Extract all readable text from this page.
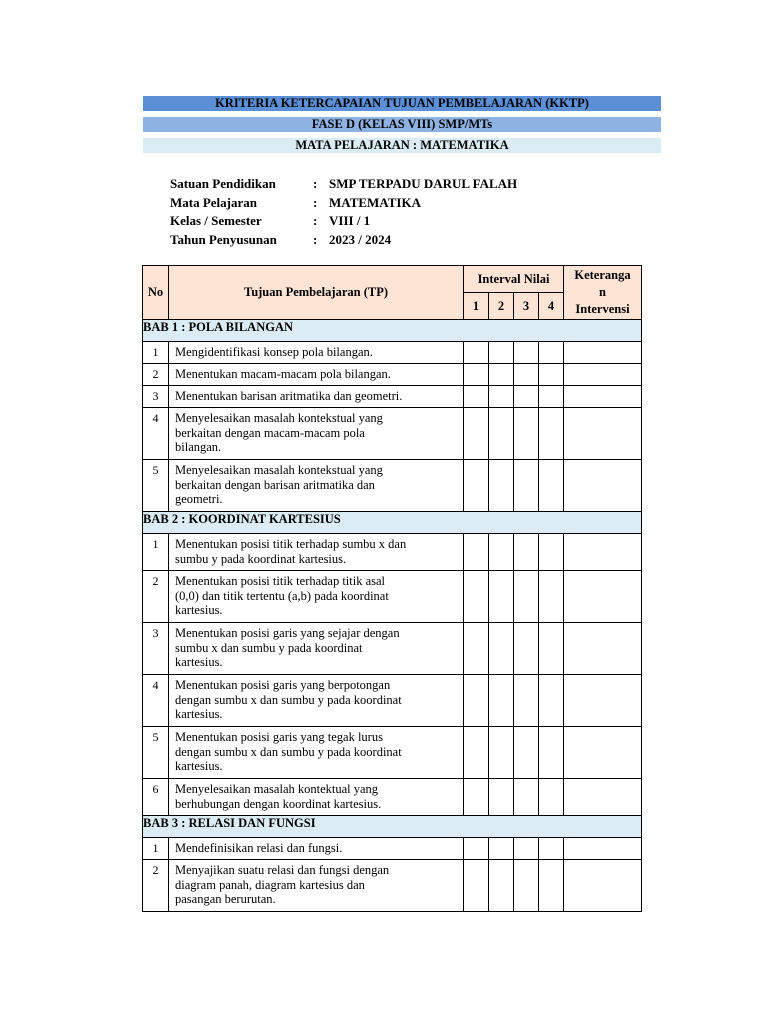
KRITERIA KETERCAPAIAN TUJUAN PEMBELAJARAN (KKTP)
FASE D (KELAS VIII) SMP/MTs
MATA PELAJARAN : MATEMATIKA
Satuan Pendidikan	: SMP TERPADU DARUL FALAH
Mata Pelajaran	: MATEMATIKA
Kelas / Semester	: VIII / 1
Tahun Penyusunan	: 2023 / 2024
No	Tujuan Pembelajaran (TP)	Interval Nilai				Keteranga
n
Intervensi
		1	2	3	4	
BAB 1 : POLA BILANGAN						
1	Mengidentifikasi konsep pola bilangan.					

2	Menentukan macam-macam pola bilangan.					

3	Menentukan barisan aritmatika dan geometri.					

4	Menyelesaikan masalah kontekstual yang
berkaitan dengan macam-macam pola
bilangan.					

5	Menyelesaikan masalah kontekstual yang
berkaitan dengan barisan aritmatika dan
geometri.					

BAB 2 : KOORDINAT KARTESIUS						
1	Menentukan posisi titik terhadap sumbu x dan
sumbu y pada koordinat kartesius.					

2	Menentukan posisi titik terhadap titik asal
(0,0) dan titik tertentu (a,b) pada koordinat
kartesius.					

3	Menentukan posisi garis yang sejajar dengan
sumbu x dan sumbu y pada koordinat
kartesius.					

4	Menentukan posisi garis yang berpotongan
dengan sumbu x dan sumbu y pada koordinat
kartesius.					

5	Menentukan posisi garis yang tegak lurus
dengan sumbu x dan sumbu y pada koordinat
kartesius.					

6	Menyelesaikan masalah kontektual yang
berhubungan dengan koordinat kartesius.					

BAB 3 : RELASI DAN FUNGSI						
1	Mendefinisikan relasi dan fungsi.					

2	Menyajikan suatu relasi dan fungsi dengan
diagram panah, diagram kartesius dan
pasangan berurutan.					
